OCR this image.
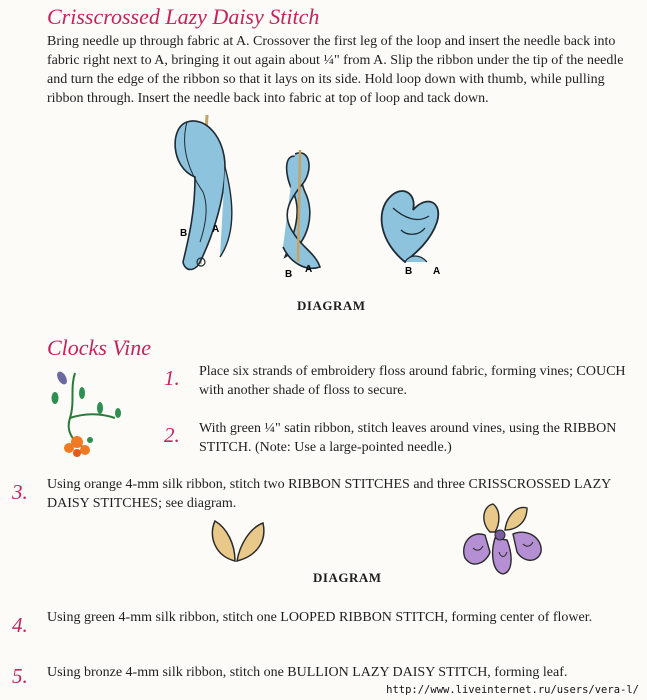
Crisscrossed Lazy Daisy Stitch
Bring needle up through fabric at A. Crossover the first leg of the loop and insert the needle back into fabric right next to A, bringing it out again about ¼" from A. Slip the ribbon under the tip of the needle and turn the edge of the ribbon so that it lays on its side. Hold loop down with thumb, while pulling ribbon through. Insert the needle back into fabric at top of loop and tack down.
B A
B A	B A
DIAGRAM
Clocks Vine
1. Place six strands of embroidery floss around fabric, forming vines; COUCH with another shade of floss to secure.
2. With green ¼" satin ribbon, stitch leaves around vines, using the RIBBON STITCH. (Note: Use a large-pointed needle.)
3. Using orange 4-mm silk ribbon, stitch two RIBBON STITCHES and three CRISSCROSSED LAZY DAISY STITCHES; see diagram.
DIAGRAM
4. Using green 4-mm silk ribbon, stitch one LOOPED RIBBON STITCH, forming center of flower.
5. Using bronze 4-mm silk ribbon, stitch one BULLION LAZY DAISY STITCH, forming leaf.
http://www.liveinternet.ru/users/vera-l/
